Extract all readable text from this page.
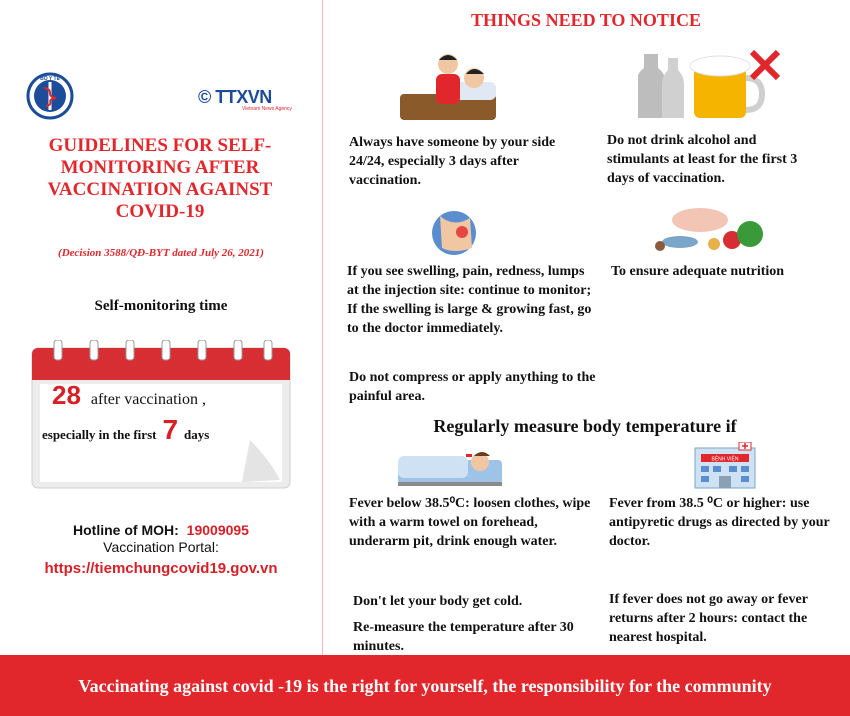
BỘ Y TẾ
© TTXVN
Vietnam News Agency
GUIDELINES FOR SELF-MONITORING AFTER VACCINATION AGAINST COVID-19
(Decision 3588/QĐ-BYT dated July 26, 2021)
Self-monitoring time
28 after vaccination ,
especially in the first 7 days
Hotline of MOH: 19009095
Vaccination Portal:
https://tiemchungcovid19.gov.vn
THINGS NEED TO NOTICE
Always have someone by your side 24/24, especially 3 days after vaccination.
Do not drink alcohol and stimulants at least for the first 3 days of vaccination.
If you see swelling, pain, redness, lumps at the injection site: continue to monitor; If the swelling is large & growing fast, go to the doctor immediately.
To ensure adequate nutrition
Do not compress or apply anything to the painful area.
Regularly measure body temperature if
BỆNH VIỆN
Fever below 38.5⁰C: loosen clothes, wipe with a warm towel on forehead, underarm pit, drink enough water.
Fever from 38.5 ⁰C or higher: use antipyretic drugs as directed by your doctor.
Don't let your body get cold.
Re-measure the temperature after 30 minutes.
If fever does not go away or fever returns after 2 hours: contact the nearest hospital.
Vaccinating against covid -19 is the right for yourself, the responsibility for the community
